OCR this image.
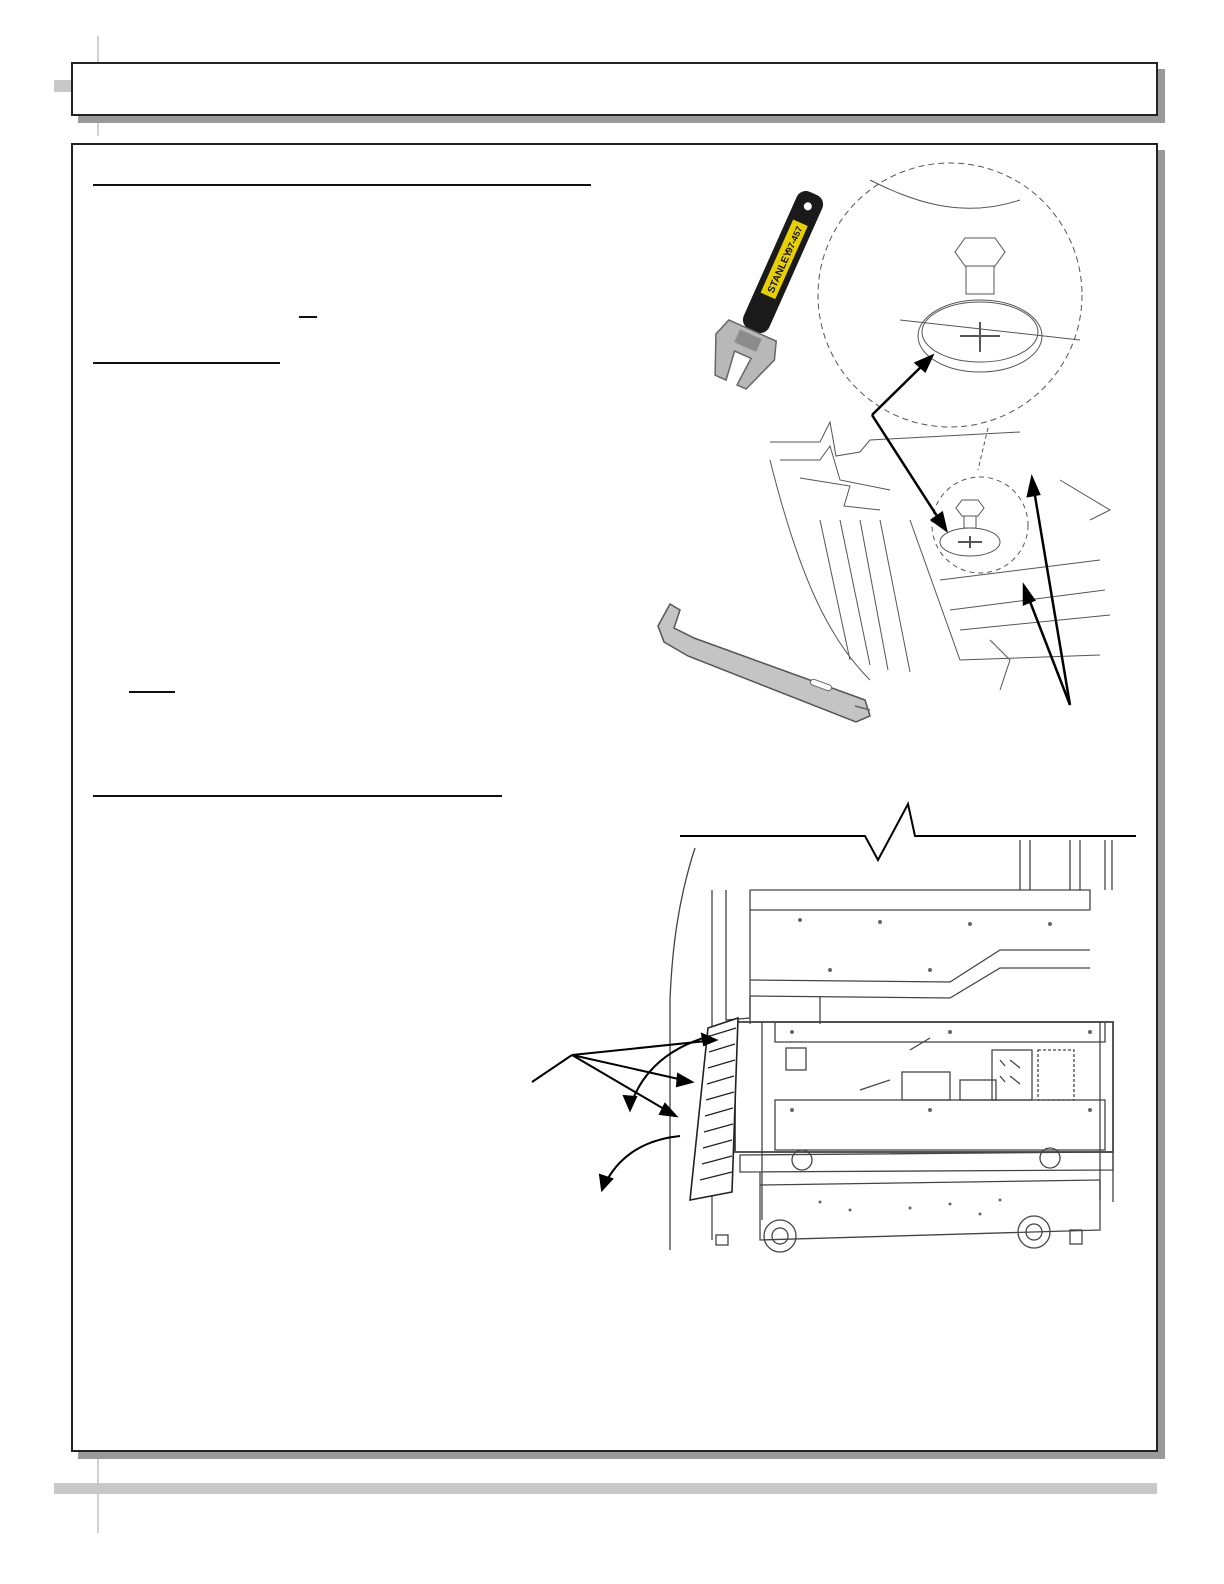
STANLEY
97-457
